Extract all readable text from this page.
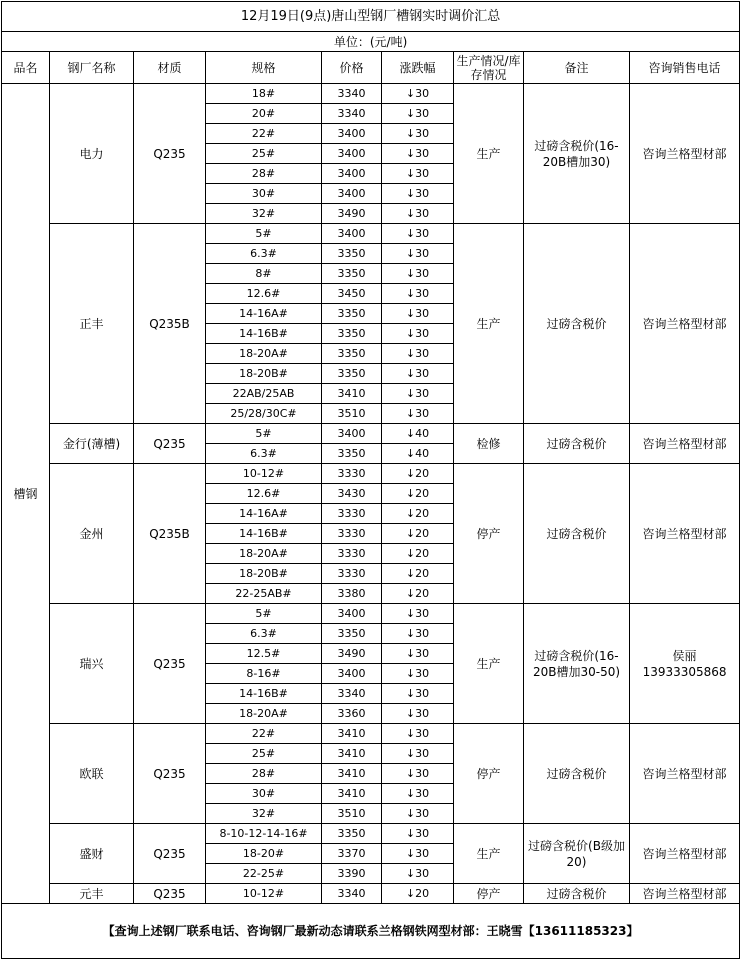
12月19日(9点)唐山型钢厂槽钢实时调价汇总								
单位：(元/吨)								
品名	钢厂名称	材质	规格	价格	涨跌幅	生产情况/库存情况	备注	咨询销售电话
槽钢	电力	Q235	18#	3340	↓30	生产	过磅含税价(16-20B槽加30)	咨询兰格型材部
			20#	3340	↓30			
			22#	3400	↓30			
			25#	3400	↓30			
			28#	3400	↓30			
			30#	3400	↓30			
			32#	3490	↓30			
	正丰	Q235B	5#	3400	↓30	生产	过磅含税价	咨询兰格型材部
			6.3#	3350	↓30			
			8#	3350	↓30			
			12.6#	3450	↓30			
			14-16A#	3350	↓30			
			14-16B#	3350	↓30			
			18-20A#	3350	↓30			
			18-20B#	3350	↓30			
			22AB/25AB	3410	↓30			
			25/28/30C#	3510	↓30			
	金行(薄槽)	Q235	5#	3400	↓40	检修	过磅含税价	咨询兰格型材部
			6.3#	3350	↓40			
	金州	Q235B	10-12#	3330	↓20	停产	过磅含税价	咨询兰格型材部
			12.6#	3430	↓20			
			14-16A#	3330	↓20			
			14-16B#	3330	↓20			
			18-20A#	3330	↓20			
			18-20B#	3330	↓20			
			22-25AB#	3380	↓20			
	瑞兴	Q235	5#	3400	↓30	生产	过磅含税价(16-20B槽加30-50)	侯丽13933305868
			6.3#	3350	↓30			
			12.5#	3490	↓30			
			8-16#	3400	↓30			
			14-16B#	3340	↓30			
			18-20A#	3360	↓30			
	欧联	Q235	22#	3410	↓30	停产	过磅含税价	咨询兰格型材部
			25#	3410	↓30			
			28#	3410	↓30			
			30#	3410	↓30			
			32#	3510	↓30			
	盛财	Q235	8-10-12-14-16#	3350	↓30	生产	过磅含税价(B级加20)	咨询兰格型材部
			18-20#	3370	↓30			
			22-25#	3390	↓30			
	元丰	Q235	10-12#	3340	↓20	停产	过磅含税价	咨询兰格型材部
【查询上述钢厂联系电话、咨询钢厂最新动态请联系兰格钢铁网型材部：王晓雪【13611185323】								
